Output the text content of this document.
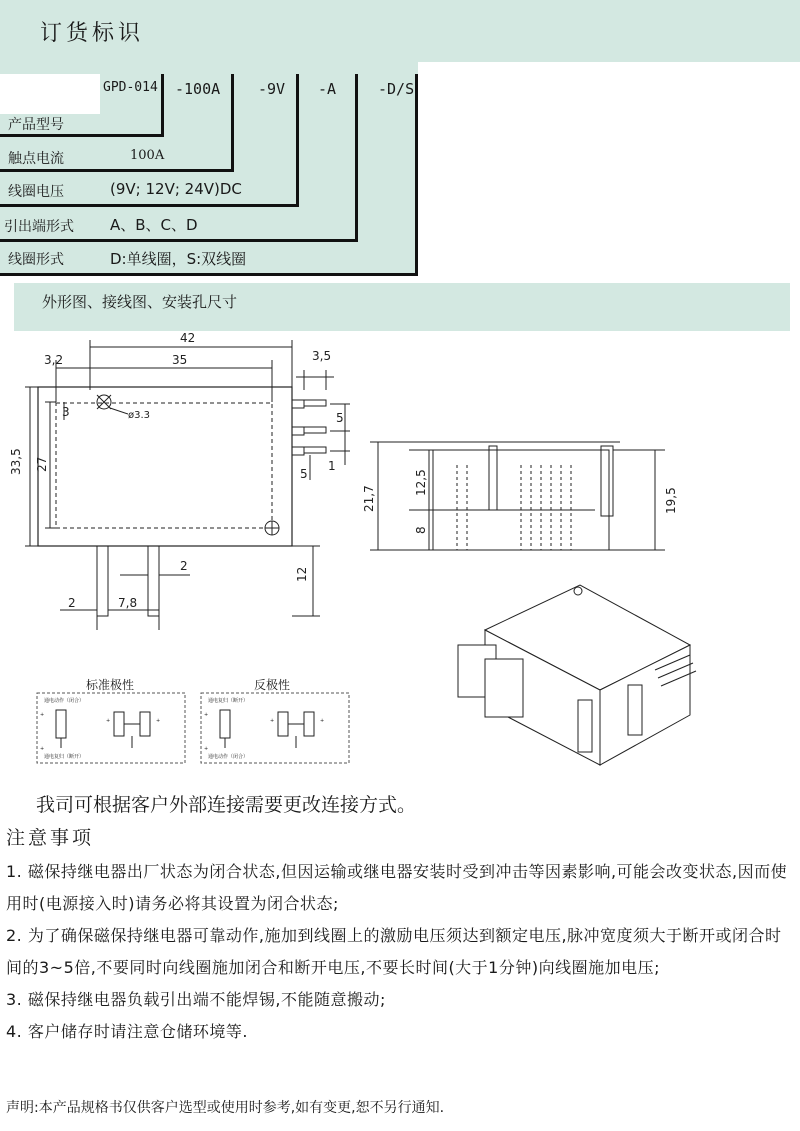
订货标识
GPD-014 -100A	-9V -A	-D/S
产品型号
触点电流	100A
线圈电压	(9V; 12V; 24V)DC
引出端形式 A、B、C、D
线圈形式	D:单线圈，S:双线圈
外形图、接线图、安装孔尺寸
42
35
3,2	3,5
3	ø3.3	5
33,5 27
5
1
2
12
2	7,8
21,7
12,5
8
19,5
标准极性	反极性
通电动作（闭合）
通电复归（断开）
+
+
+	+
通电复归（断开）
通电动作（闭合）
+
+
+	+
我司可根据客户外部连接需要更改连接方式。
注意事项

1. 磁保持继电器出厂状态为闭合状态,但因运输或继电器安装时受到冲击等因素影响,可能会改变状态,因而使用时(电源接入时)请务必将其设置为闭合状态;

2. 为了确保磁保持继电器可靠动作,施加到线圈上的激励电压须达到额定电压,脉冲宽度须大于断开或闭合时间的3~5倍,不要同时向线圈施加闭合和断开电压,不要长时间(大于1分钟)向线圈施加电压;

3. 磁保持继电器负载引出端不能焊锡,不能随意搬动;

4. 客户储存时请注意仓储环境等.

声明:本产品规格书仅供客户选型或使用时参考,如有变更,恕不另行通知.
